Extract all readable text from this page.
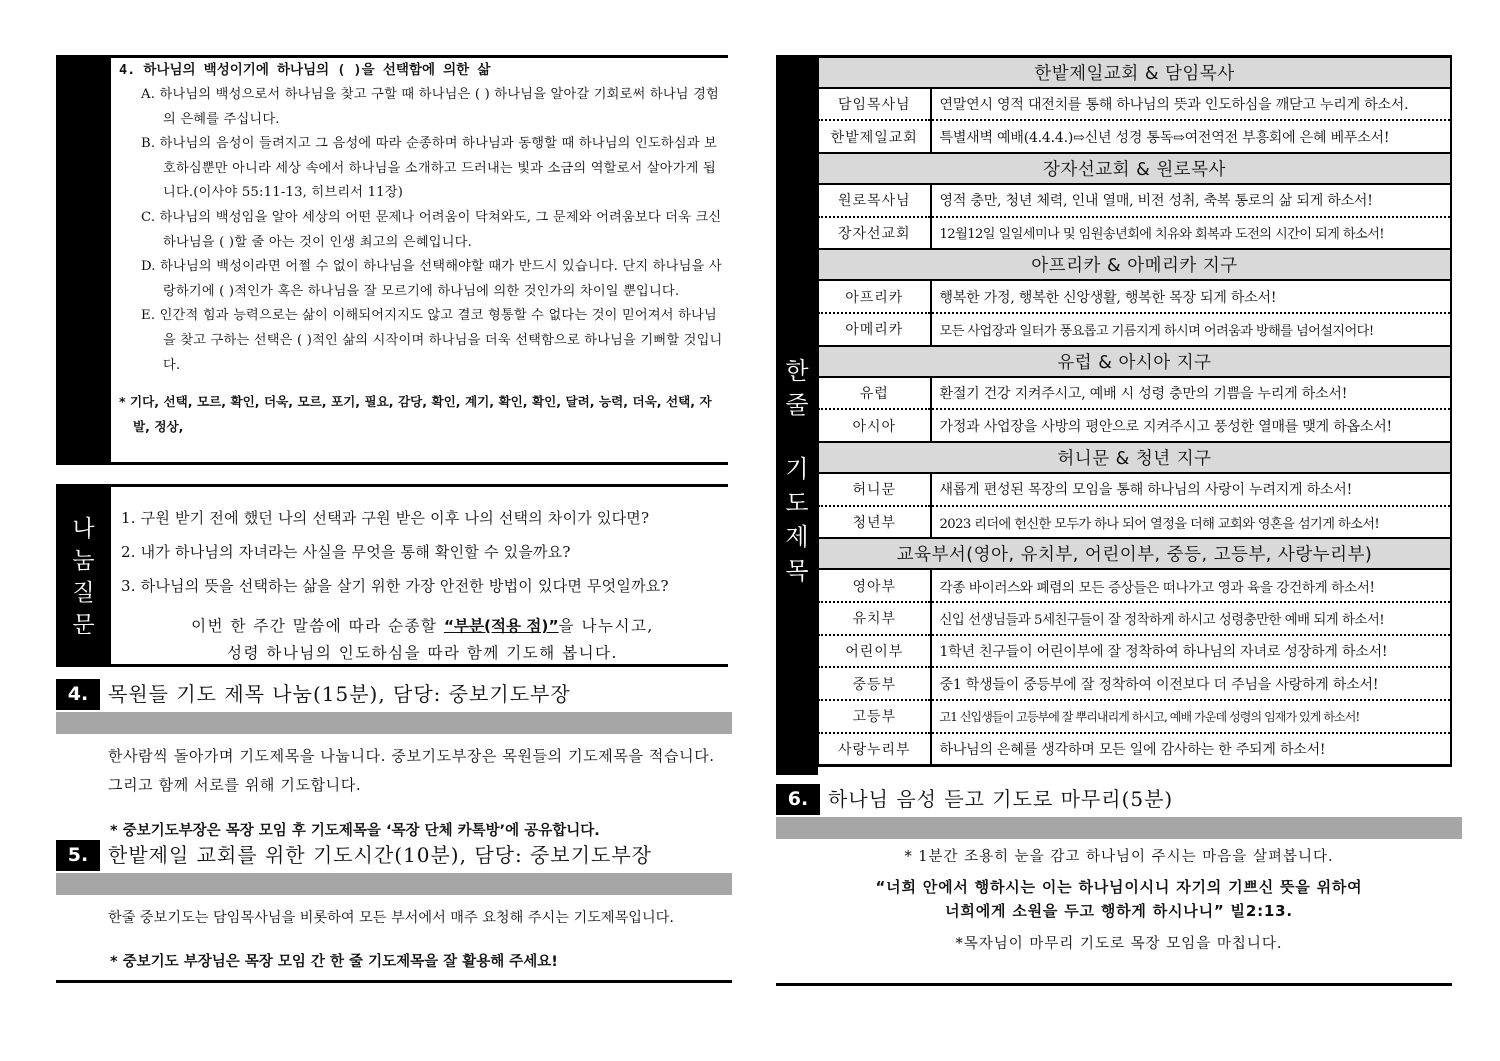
4. 하나님의 백성이기에 하나님의 ( )을 선택함에 의한 삶
A. 하나님의 백성으로서 하나님을 찾고 구할 때 하나님은 ( ) 하나님을 알아갈 기회로써 하나님 경험의 은혜를 주십니다.
B. 하나님의 음성이 들려지고 그 음성에 따라 순종하며 하나님과 동행할 때 하나님의 인도하심과 보호하심뿐만 아니라 세상 속에서 하나님을 소개하고 드러내는 빛과 소금의 역할로서 살아가게 됩니다.(이사야 55:11-13, 히브리서 11장)
C. 하나님의 백성임을 알아 세상의 어떤 문제나 어려움이 닥쳐와도, 그 문제와 어려움보다 더욱 크신 하나님을 ( )할 줄 아는 것이 인생 최고의 은혜입니다.
D. 하나님의 백성이라면 어쩔 수 없이 하나님을 선택해야할 때가 반드시 있습니다. 단지 하나님을 사랑하기에 ( )적인가 혹은 하나님을 잘 모르기에 하나님에 의한 것인가의 차이일 뿐입니다.
E. 인간적 힘과 능력으로는 삶이 이해되어지지도 않고 결코 형통할 수 없다는 것이 믿어져서 하나님을 찾고 구하는 선택은 ( )적인 삶의 시작이며 하나님을 더욱 선택함으로 하나님을 기뻐할 것입니다.
* 기다, 선택, 모르, 확인, 더욱, 모르, 포기, 필요, 감당, 확인, 계기, 확인, 확인, 달려, 능력, 더욱, 선택, 자발, 정상,
나
눔
질
문
1. 구원 받기 전에 했던 나의 선택과 구원 받은 이후 나의 선택의 차이가 있다면?
2. 내가 하나님의 자녀라는 사실을 무엇을 통해 확인할 수 있을까요?
3. 하나님의 뜻을 선택하는 삶을 살기 위한 가장 안전한 방법이 있다면 무엇일까요?
이번 한 주간 말씀에 따라 순종할 “부분(적용 점)”을 나누시고,
성령 하나님의 인도하심을 따라 함께 기도해 봅니다.
4. 목원들 기도 제목 나눔(15분), 담당: 중보기도부장
한사람씩 돌아가며 기도제목을 나눕니다. 중보기도부장은 목원들의 기도제목을 적습니다. 그리고 함께 서로를 위해 기도합니다.
* 중보기도부장은 목장 모임 후 기도제목을 ‘목장 단체 카톡방’에 공유합니다.
5. 한밭제일 교회를 위한 기도시간(10분), 담당: 중보기도부장
한줄 중보기도는 담임목사님을 비롯하여 모든 부서에서 매주 요청해 주시는 기도제목입니다.
* 중보기도 부장님은 목장 모임 간 한 줄 기도제목을 잘 활용해 주세요!
한
줄
기
도
제
목
한밭제일교회 & 담임목사	
담임목사님	연말연시 영적 대전치를 통해 하나님의 뜻과 인도하심을 깨닫고 누리게 하소서.
한밭제일교회	특별새벽 예배(4.4.4.)⇨신년 성경 통독⇨여전역전 부흥회에 은혜 베푸소서!
장자선교회 & 원로목사	
원로목사님	영적 충만, 청년 체력, 인내 열매, 비전 성취, 축복 통로의 삶 되게 하소서!
장자선교회	12월12일 일일세미나 및 임원송년회에 치유와 회복과 도전의 시간이 되게 하소서!
아프리카 & 아메리카 지구	
아프리카	행복한 가정, 행복한 신앙생활, 행복한 목장 되게 하소서!
아메리카	모든 사업장과 일터가 풍요롭고 기름지게 하시며 어려움과 방해를 넘어설지어다!
유럽 & 아시아 지구	
유럽	환절기 건강 지켜주시고, 예배 시 성령 충만의 기쁨을 누리게 하소서!
아시아	가정과 사업장을 사방의 평안으로 지켜주시고 풍성한 열매를 맺게 하옵소서!
허니문 & 청년 지구	
허니문	새롭게 편성된 목장의 모임을 통해 하나님의 사랑이 누려지게 하소서!
청년부	2023 리더에 헌신한 모두가 하나 되어 열정을 더해 교회와 영혼을 섬기게 하소서!
교육부서(영아, 유치부, 어린이부, 중등, 고등부, 사랑누리부)	
영아부	각종 바이러스와 폐렴의 모든 증상들은 떠나가고 영과 육을 강건하게 하소서!
유치부	신입 선생님들과 5세친구들이 잘 정착하게 하시고 성령충만한 예배 되게 하소서!
어린이부	1학년 친구들이 어린이부에 잘 정착하여 하나님의 자녀로 성장하게 하소서!
중등부	중1 학생들이 중등부에 잘 정착하여 이전보다 더 주님을 사랑하게 하소서!
고등부	고1 신입생들이 고등부에 잘 뿌리내리게 하시고, 예배 가운데 성령의 임재가 있게 하소서!
사랑누리부	하나님의 은혜를 생각하며 모든 일에 감사하는 한 주되게 하소서!
6. 하나님 음성 듣고 기도로 마무리(5분)
* 1분간 조용히 눈을 감고 하나님이 주시는 마음을 살펴봅니다.
“너희 안에서 행하시는 이는 하나님이시니 자기의 기쁘신 뜻을 위하여
너희에게 소원을 두고 행하게 하시나니” 빌2:13.
*목자님이 마무리 기도로 목장 모임을 마칩니다.
